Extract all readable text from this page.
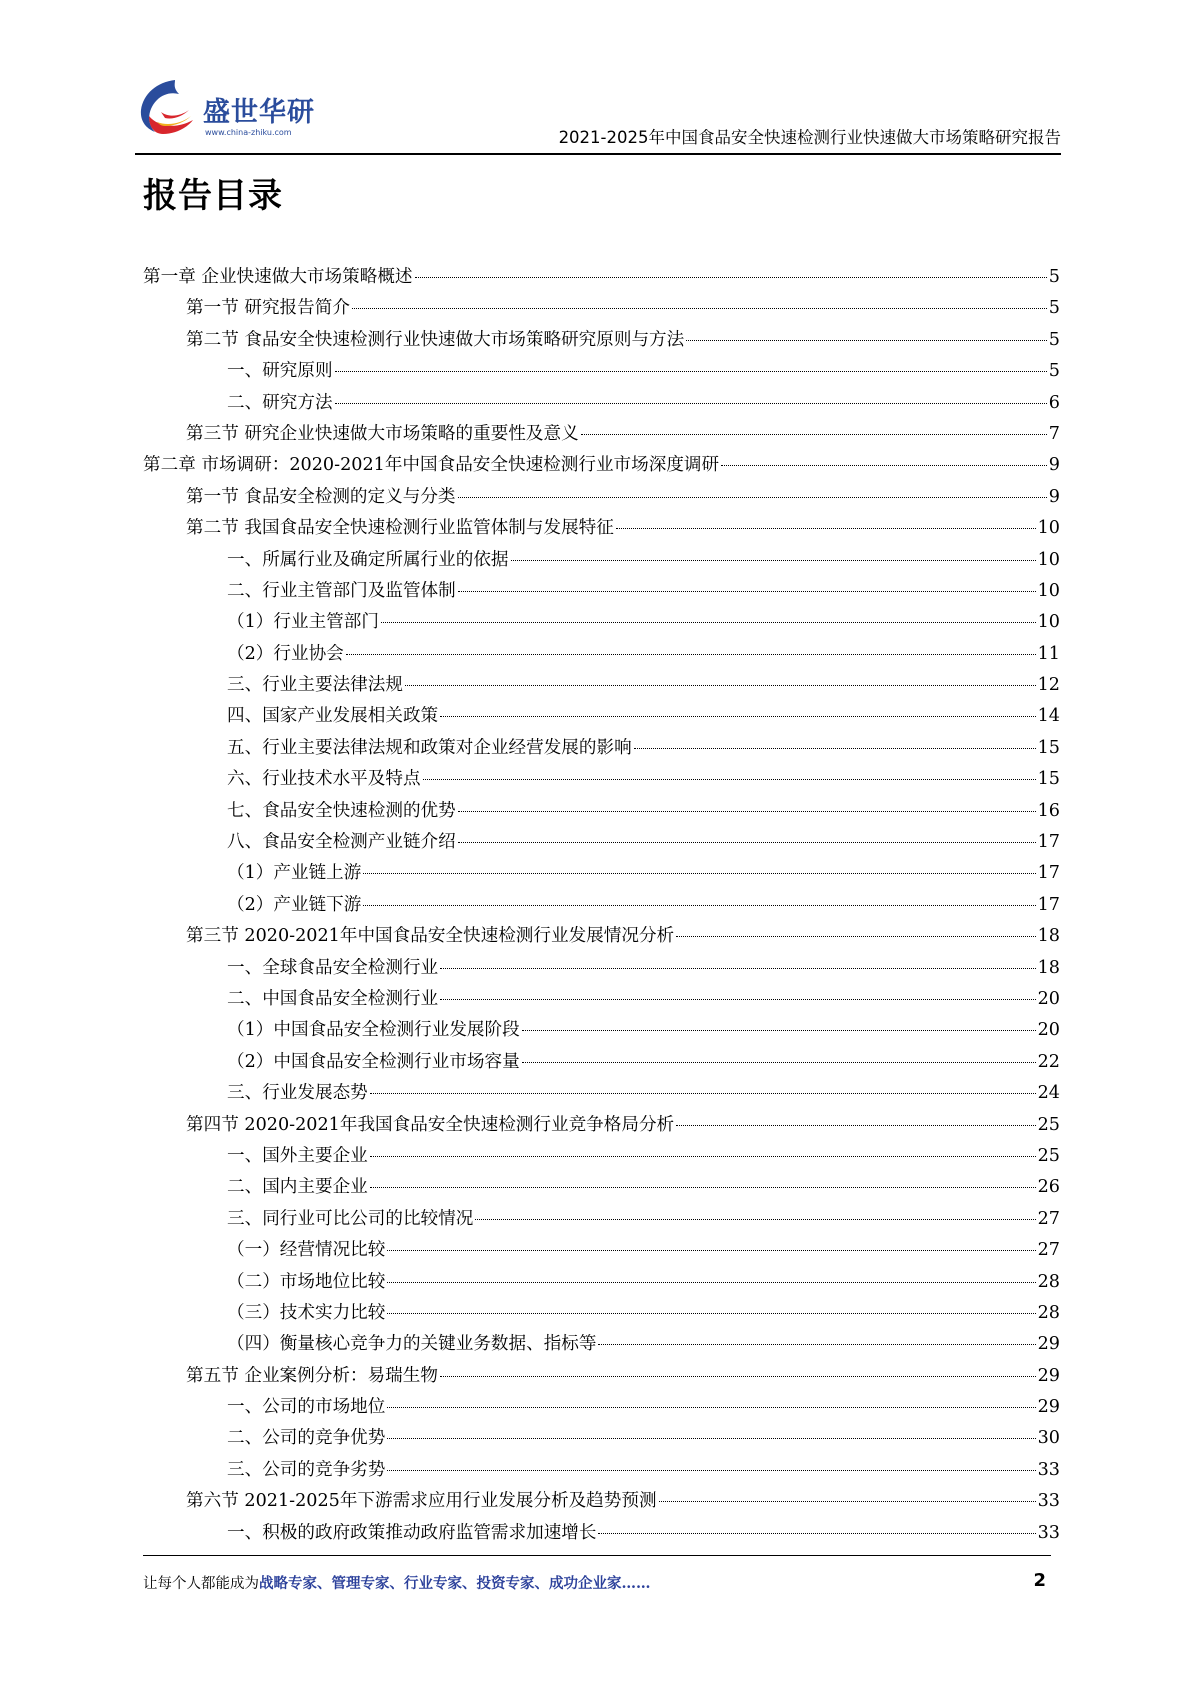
盛世华研
www.china-zhiku.com	2021-2025年中国食品安全快速检测行业快速做大市场策略研究报告
报告目录
第一章 企业快速做大市场策略概述	5
第一节 研究报告简介	5
第二节 食品安全快速检测行业快速做大市场策略研究原则与方法	5
一、研究原则	5
二、研究方法	6
第三节 研究企业快速做大市场策略的重要性及意义	7
第二章 市场调研：2020-2021年中国食品安全快速检测行业市场深度调研	9
第一节 食品安全检测的定义与分类	9
第二节 我国食品安全快速检测行业监管体制与发展特征	10
一、所属行业及确定所属行业的依据	10
二、行业主管部门及监管体制	10
（1）行业主管部门	10
（2）行业协会	11
三、行业主要法律法规	12
四、国家产业发展相关政策	14
五、行业主要法律法规和政策对企业经营发展的影响	15
六、行业技术水平及特点	15
七、食品安全快速检测的优势	16
八、食品安全检测产业链介绍	17
（1）产业链上游	17
（2）产业链下游	17
第三节 2020-2021年中国食品安全快速检测行业发展情况分析	18
一、全球食品安全检测行业	18
二、中国食品安全检测行业	20
（1）中国食品安全检测行业发展阶段	20
（2）中国食品安全检测行业市场容量	22
三、行业发展态势	24
第四节 2020-2021年我国食品安全快速检测行业竞争格局分析	25
一、国外主要企业	25
二、国内主要企业	26
三、同行业可比公司的比较情况	27
（一）经营情况比较	27
（二）市场地位比较	28
（三）技术实力比较	28
（四）衡量核心竞争力的关键业务数据、指标等	29
第五节 企业案例分析：易瑞生物	29
一、公司的市场地位	29
二、公司的竞争优势	30
三、公司的竞争劣势	33
第六节 2021-2025年下游需求应用行业发展分析及趋势预测	33
一、积极的政府政策推动政府监管需求加速增长	33
让每个人都能成为战略专家、管理专家、行业专家、投资专家、成功企业家……	2
